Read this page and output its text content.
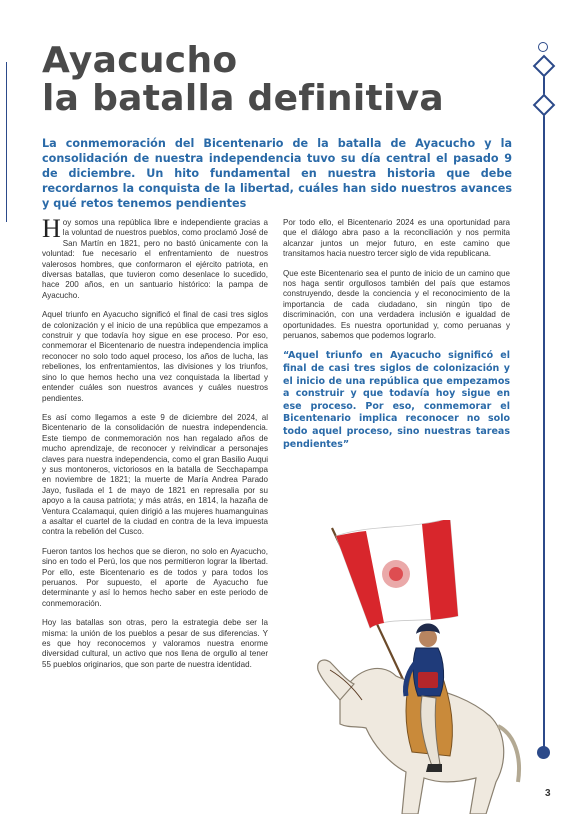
Ayacucho
la batalla definitiva

La conmemoración del Bicentenario de la batalla de Ayacucho y la consolidación de nuestra independencia tuvo su día central el pasado 9 de diciembre. Un hito fundamental en nuestra historia que debe recordarnos la conquista de la libertad, cuáles han sido nuestros avances y qué retos tenemos pendientes

Hoy somos una república libre e independiente gracias a la voluntad de nuestros pueblos, como proclamó José de San Martín en 1821, pero no bastó únicamente con la voluntad: fue necesario el enfrentamiento de nuestros valerosos hombres, que conformaron el ejército patriota, en diversas batallas, que tuvieron como desenlace lo sucedido, hace 200 años, en un santuario histórico: la pampa de Ayacucho.

Aquel triunfo en Ayacucho significó el final de casi tres siglos de colonización y el inicio de una república que empezamos a construir y que todavía hoy sigue en ese proceso. Por eso, conmemorar el Bicentenario de nuestra independencia implica reconocer no solo todo aquel proceso, los años de lucha, las rebeliones, los enfrentamientos, las divisiones y los triunfos, sino lo que hemos hecho una vez conquistada la libertad y entender cuáles son nuestros avances y cuáles nuestros pendientes.

Es así como llegamos a este 9 de diciembre del 2024, al Bicentenario de la consolidación de nuestra independencia. Este tiempo de conmemoración nos han regalado años de mucho aprendizaje, de reconocer y reivindicar a personajes claves para nuestra independencia, como el gran Basilio Auqui y sus montoneros, victoriosos en la batalla de Secchapampa en noviembre de 1821; la muerte de María Andrea Parado Jayo, fusilada el 1 de mayo de 1821 en represalia por su apoyo a la causa patriota; y más atrás, en 1814, la hazaña de Ventura Ccalamaqui, quien dirigió a las mujeres huamanguinas a asaltar el cuartel de la ciudad en contra de la leva impuesta contra la rebelión del Cusco.

Fueron tantos los hechos que se dieron, no solo en Ayacucho, sino en todo el Perú, los que nos permitieron lograr la libertad. Por ello, este Bicentenario es de todos y para todos los peruanos. Por supuesto, el aporte de Ayacucho fue determinante y así lo hemos hecho saber en este periodo de conmemoración.

Hoy las batallas son otras, pero la estrategia debe ser la misma: la unión de los pueblos a pesar de sus diferencias. Y es que hoy reconocemos y valoramos nuestra enorme diversidad cultural, un activo que nos llena de orgullo al tener 55 pueblos originarios, que son parte de nuestra identidad.

Por todo ello, el Bicentenario 2024 es una oportunidad para que el diálogo abra paso a la reconciliación y nos permita alcanzar juntos un mejor futuro, en este camino que transitamos hacia nuestro tercer siglo de vida republicana.

Que este Bicentenario sea el punto de inicio de un camino que nos haga sentir orgullosos también del país que estamos construyendo, desde la conciencia y el reconocimiento de la importancia de cada ciudadano, sin ningún tipo de discriminación, con una verdadera inclusión e igualdad de oportunidades. Es nuestra oportunidad y, como peruanas y peruanos, sabemos que podemos lograrlo.

“Aquel triunfo en Ayacucho significó el final de casi tres siglos de colonización y el inicio de una república que empezamos a construir y que todavía hoy sigue en ese proceso. Por eso, conmemorar el Bicentenario implica reconocer no solo todo aquel proceso, sino nuestras tareas pendientes”

3
